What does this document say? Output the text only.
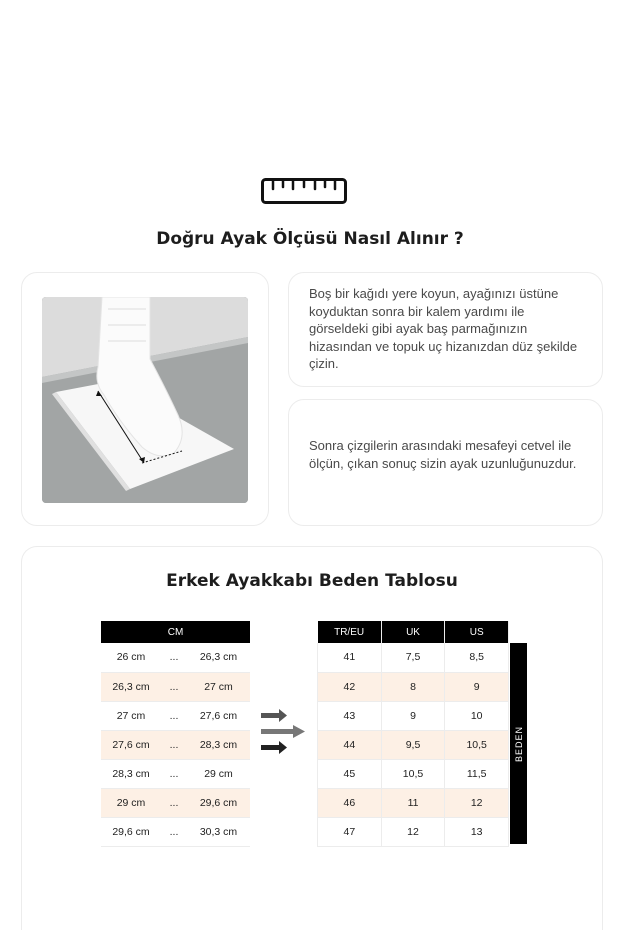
Doğru Ayak Ölçüsü Nasıl Alınır ?
Boş bir kağıdı yere koyun, ayağınızı üstüne koyduktan sonra bir kalem yardımı ile görseldeki gibi ayak baş parmağınızın hizasından ve topuk uç hizanızdan düz şekilde çizin.
Sonra çizgilerin arasındaki mesafeyi cetvel ile ölçün, çıkan sonuç sizin ayak uzunluğunuzdur.
Erkek Ayakkabı Beden Tablosu
CM		
26 cm	...	26,3 cm
26,3 cm	...	27 cm
27 cm	...	27,6 cm
27,6 cm	...	28,3 cm
28,3 cm	...	29 cm
29 cm	...	29,6 cm
29,6 cm	...	30,3 cm
TR/EU	UK	US
41	7,5	8,5
42	8	9
43	9	10
44	9,5	10,5
45	10,5	11,5
46	11	12
47	12	13
BEDEN
